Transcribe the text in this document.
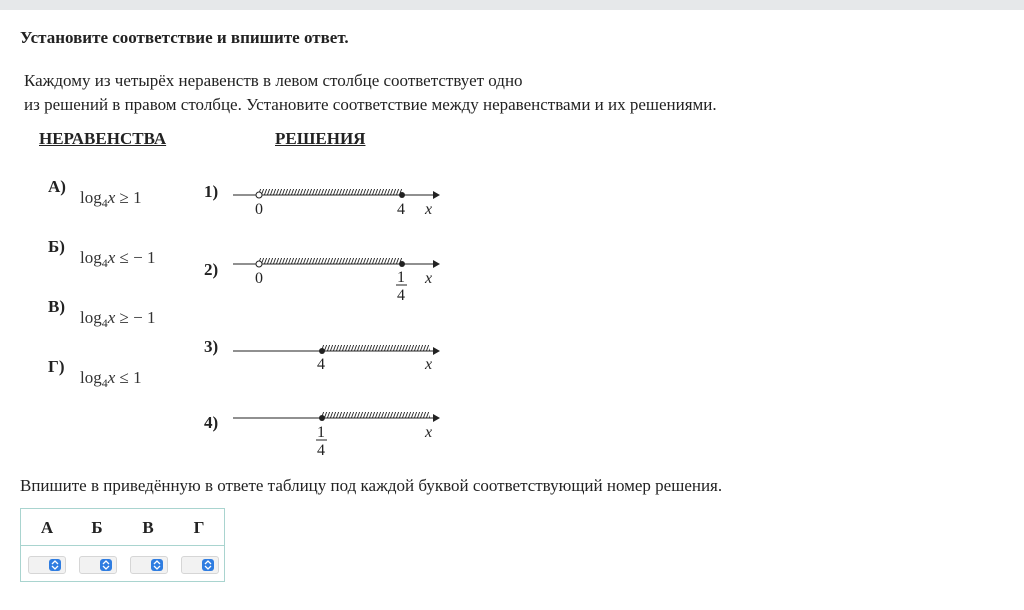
Установите соответствие и впишите ответ.
Каждому из четырёх неравенств в левом столбце соответствует одно
из решений в правом столбце. Установите соответствие между неравенствами и их решениями.
НЕРАВЕНСТВА	РЕШЕНИЯ
А)
$\log_4x \ge 1$
Б)
$\log_4x$ ≤ − 1
В)
$\log_4x$ ≥ − 1
Г)
$\log_4x \le 1$
1)
0	4 x
2) 0	1
4
x
3)
4	x
4)
1
4
x
Впишите в приведённую в ответе таблицу под каждой буквой соответствующий номер решения.
А	Б	В	Г
